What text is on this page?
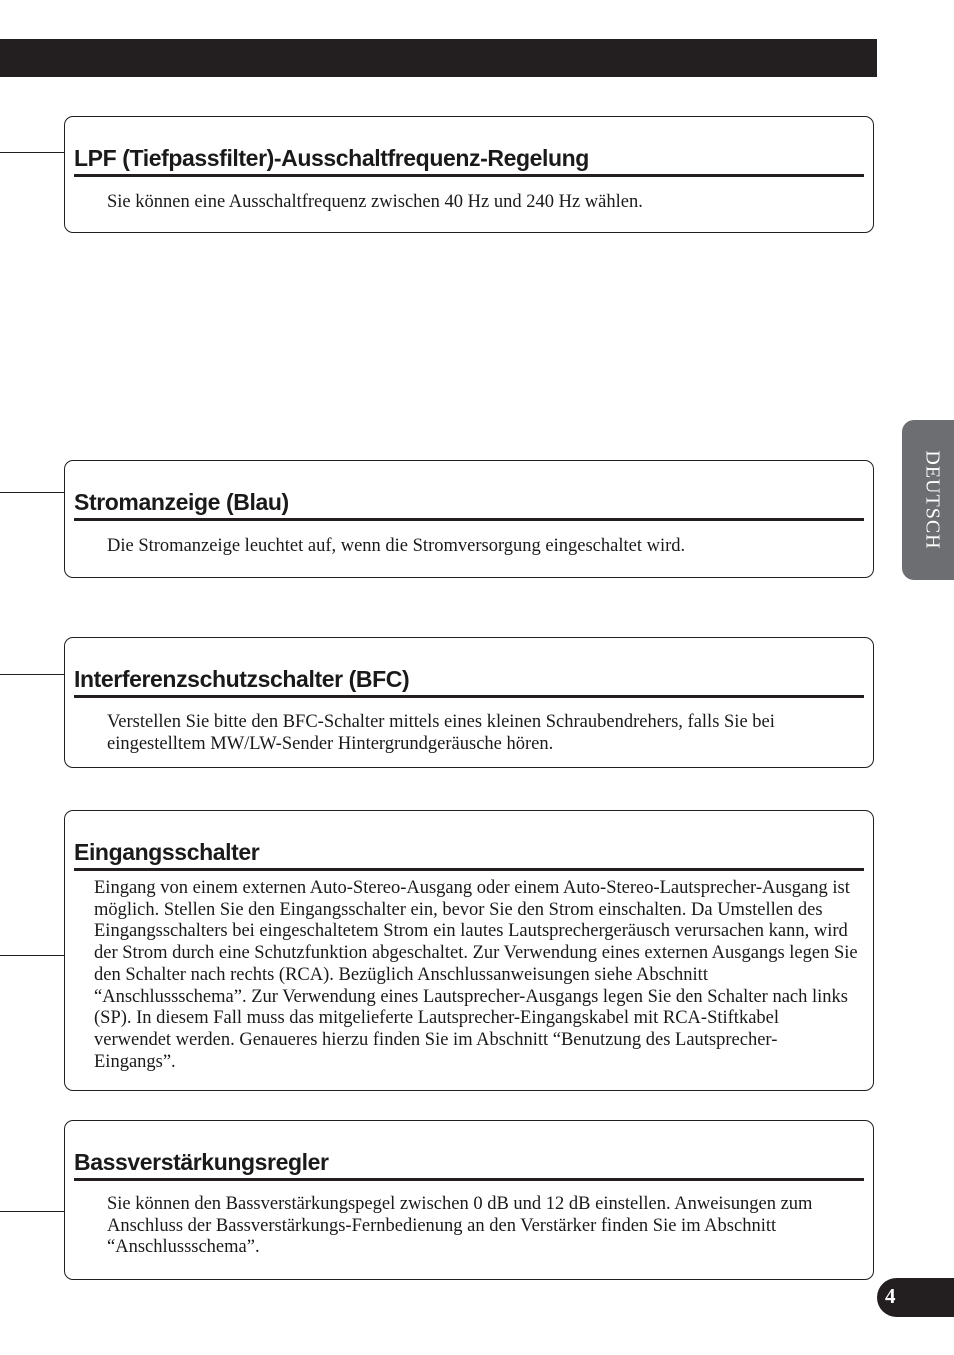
LPF (Tiefpassfilter)-Ausschaltfrequenz-Regelung

Sie können eine Ausschaltfrequenz zwischen 40 Hz und 240 Hz wählen.

Stromanzeige (Blau)

Die Stromanzeige leuchtet auf, wenn die Stromversorgung eingeschaltet wird.

Interferenzschutzschalter (BFC)

Verstellen Sie bitte den BFC-Schalter mittels eines kleinen Schraubendrehers, falls Sie bei eingestelltem MW/LW-Sender Hintergrundgeräusche hören.

Eingangsschalter

Eingang von einem externen Auto-Stereo-Ausgang oder einem Auto-Stereo-Lautsprecher-Ausgang ist möglich. Stellen Sie den Eingangsschalter ein, bevor Sie den Strom einschalten. Da Umstellen des Eingangsschalters bei eingeschaltetem Strom ein lautes Lautsprechergeräusch verursachen kann, wird der Strom durch eine Schutzfunktion abgeschaltet. Zur Verwendung eines externen Ausgangs legen Sie den Schalter nach rechts (RCA). Bezüglich Anschlussanweisungen siehe Abschnitt “Anschlussschema”. Zur Verwendung eines Lautsprecher-Ausgangs legen Sie den Schalter nach links (SP). In diesem Fall muss das mitgelieferte Lautsprecher-Eingangskabel mit RCA-Stiftkabel verwendet werden. Genaueres hierzu finden Sie im Abschnitt “Benutzung des Lautsprecher-Eingangs”.

Bassverstärkungsregler

Sie können den Bassverstärkungspegel zwischen 0 dB und 12 dB einstellen. Anweisungen zum Anschluss der Bassverstärkungs-Fernbedienung an den Verstärker finden Sie im Abschnitt “Anschlussschema”.

DEUTSCH
4
